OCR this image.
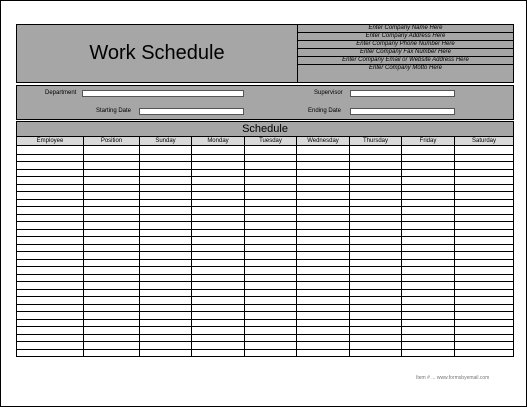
Work Schedule
Enter Company Name Here
Enter Company Address Here
Enter Company Phone Number Here
Enter Company Fax Number Here
Enter Company Email or Website Address Here
Enter Company Motto Here
Department	Supervisor
Starting Date	Ending Date
Schedule
Employee	Position	Sunday	Monday	Tuesday	Wednesday	Thursday	Friday	Saturday
Item # ... www.formsbyemail.com
